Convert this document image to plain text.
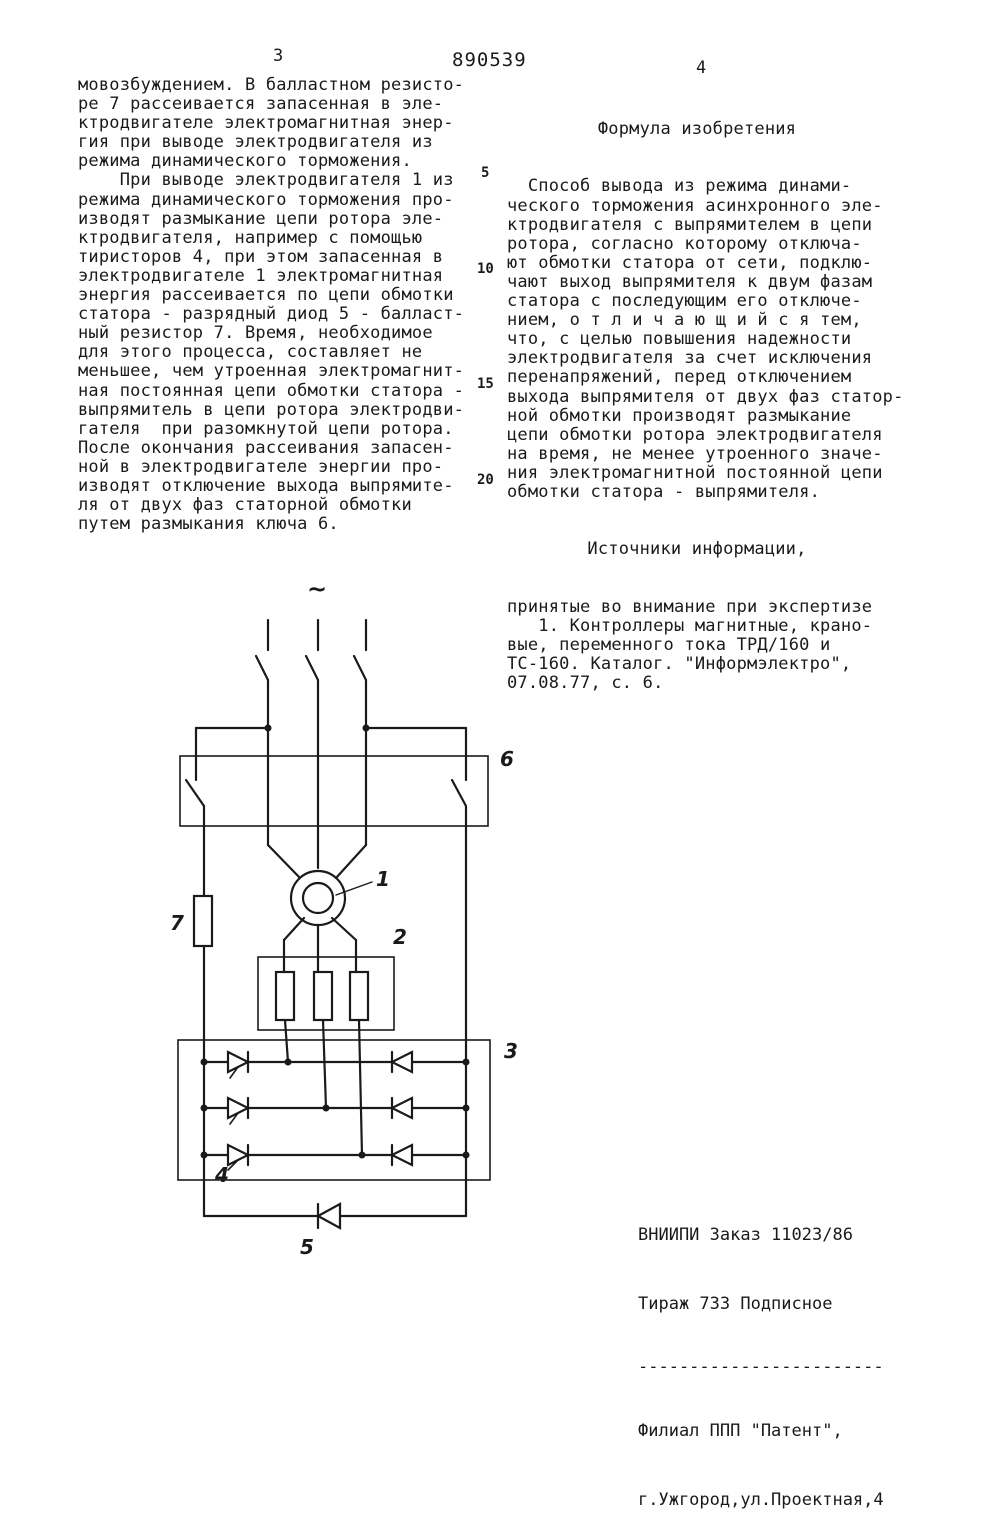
3	890539	4
мовозбуждением. В балластном резисто-
ре 7 рассеивается запасенная в эле-
ктродвигателе электромагнитная энер-
гия при выводе электродвигателя из
режима динамического торможения.
При выводе электродвигателя 1 из
режима динамического торможения про-
изводят размыкание цепи ротора эле-
ктродвигателя, например с помощью
тиристоров 4, при этом запасенная в
электродвигателе 1 электромагнитная
энергия рассеивается по цепи обмотки
статора - разрядный диод 5 - балласт-
ный резистор 7. Время, необходимое
для этого процесса, составляет не
меньшее, чем утроенная электромагнит-
ная постоянная цепи обмотки статора -
выпрямитель в цепи ротора электродви-
гателя  при разомкнутой цепи ротора.
После окончания рассеивания запасен-
ной в электродвигателе энергии про-
изводят отключение выхода выпрямите-
ля от двух фаз статорной обмотки
путем размыкания ключа 6.

Формула изобретения

Способ вывода из режима динами-
ческого торможения асинхронного эле-
ктродвигателя с выпрямителем в цепи
ротора, согласно которому отключа-
ют обмотки статора от сети, подклю-
чают выход выпрямителя к двум фазам
статора с последующим его отключе-
нием, о т л и ч а ю щ и й с я тем,
что, с целью повышения надежности
электродвигателя за счет исключения
перенапряжений, перед отключением
выхода выпрямителя от двух фаз статор-
ной обмотки производят размыкание
цепи обмотки ротора электродвигателя
на время, не менее утроенного значе-
ния электромагнитной постоянной цепи
обмотки статора - выпрямителя.

Источники информации,

принятые во внимание при экспертизе
1. Контроллеры магнитные, крано-
вые, переменного тока ТРД/160 и
ТС-160. Каталог. "Информэлектро",
07.08.77, с. 6.

5
10
15
20
~
6
1
2
7
3
4
5

	ВНИИПИ Заказ 11023/86

Тираж 733 Подписное

------------------------

Филиал ППП "Патент",

г.Ужгород,ул.Проектная,4
